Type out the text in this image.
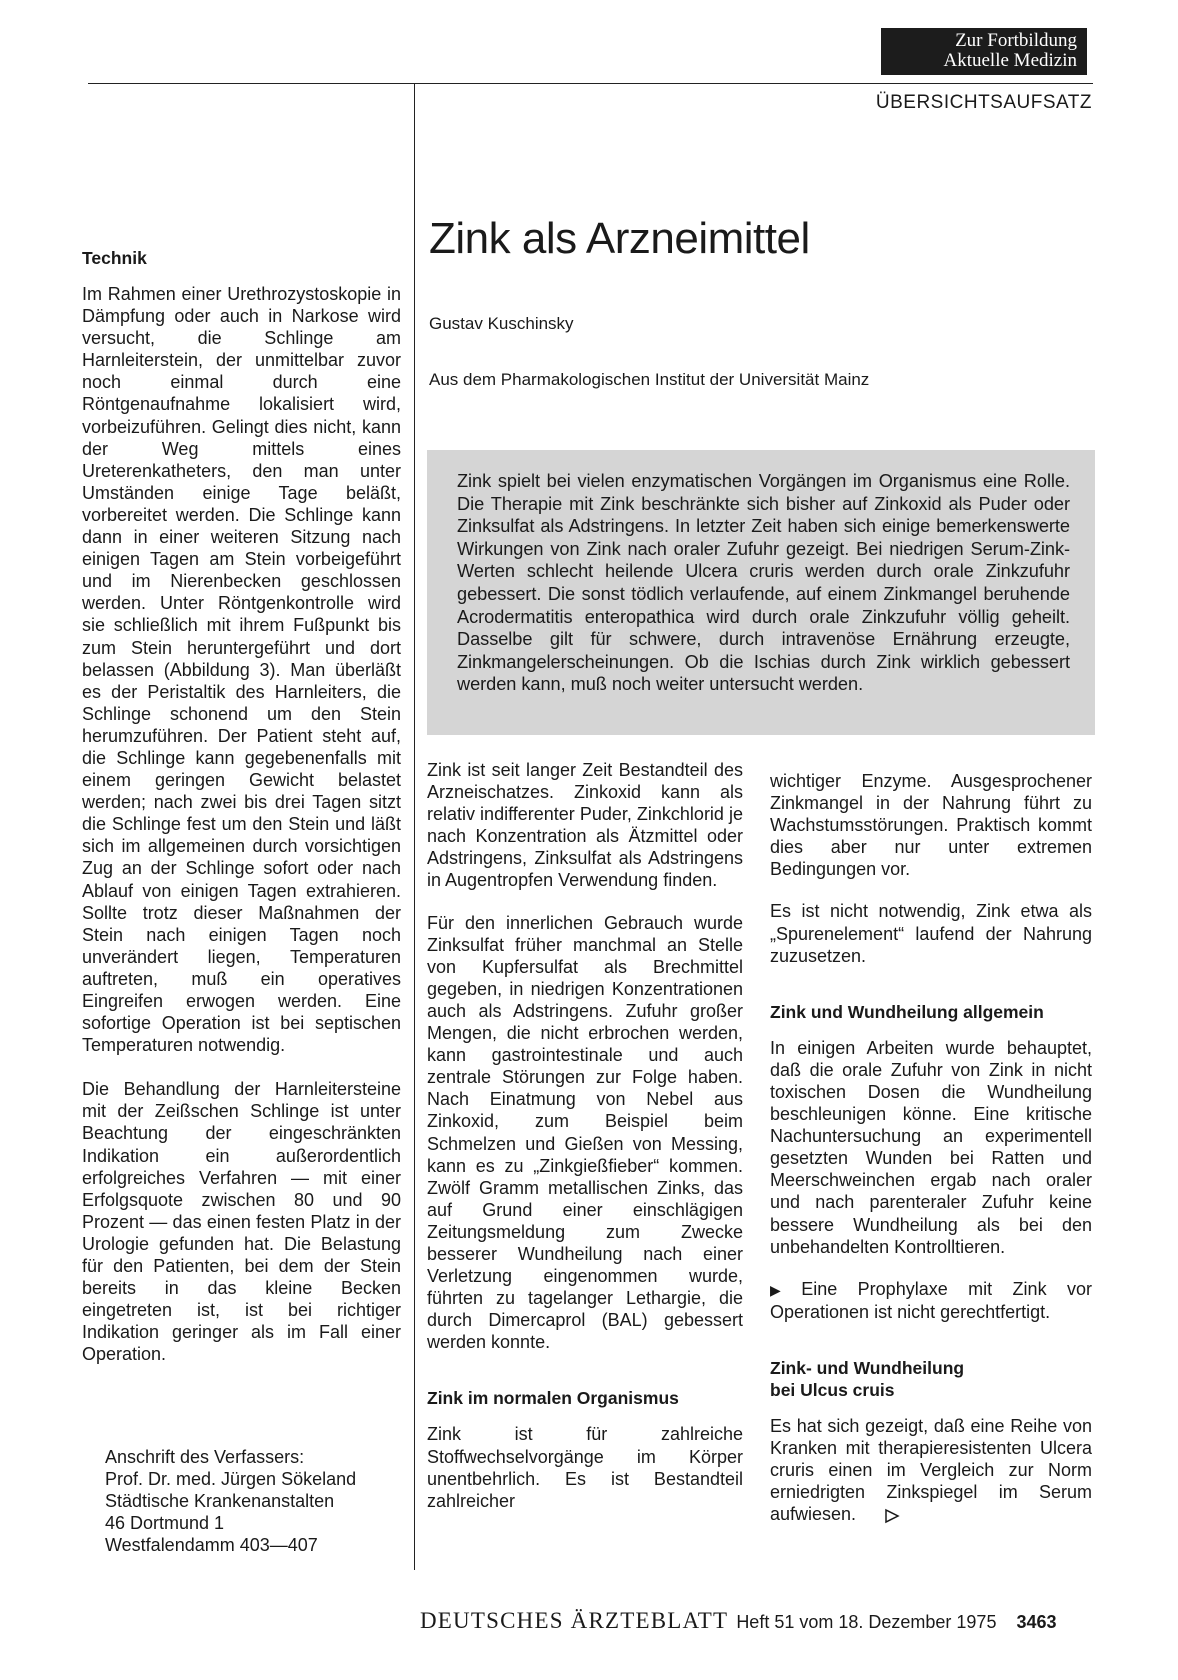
Zur Fortbildung
Aktuelle Medizin
ÜBERSICHTSAUFSATZ
Zink als Arzneimittel
Gustav Kuschinsky
Aus dem Pharmakologischen Institut der Universität Mainz
Zink spielt bei vielen enzymatischen Vorgängen im Organismus eine Rolle. Die Therapie mit Zink beschränkte sich bisher auf Zinkoxid als Puder oder Zinksulfat als Adstringens. In letzter Zeit haben sich einige bemerkenswerte Wirkungen von Zink nach oraler Zufuhr gezeigt. Bei niedrigen Serum-Zink-Werten schlecht heilende Ulcera cruris werden durch orale Zinkzufuhr gebessert. Die sonst tödlich verlaufende, auf einem Zinkmangel beruhende Acrodermatitis enteropathica wird durch orale Zinkzufuhr völlig geheilt. Dasselbe gilt für schwere, durch intravenöse Ernährung erzeugte, Zinkmangelerscheinungen. Ob die Ischias durch Zink wirklich gebessert werden kann, muß noch weiter untersucht werden.
Technik

Im Rahmen einer Urethrozystoskopie in Dämpfung oder auch in Narkose wird versucht, die Schlinge am Harnleiterstein, der unmittelbar zuvor noch einmal durch eine Röntgenaufnahme lokalisiert wird, vorbeizuführen. Gelingt dies nicht, kann der Weg mittels eines Ureterenkatheters, den man unter Umständen einige Tage beläßt, vorbereitet werden. Die Schlinge kann dann in einer weiteren Sitzung nach einigen Tagen am Stein vorbeigeführt und im Nierenbecken geschlossen werden. Unter Röntgenkontrolle wird sie schließlich mit ihrem Fußpunkt bis zum Stein heruntergeführt und dort belassen (Abbildung 3). Man überläßt es der Peristaltik des Harnleiters, die Schlinge schonend um den Stein herumzuführen. Der Patient steht auf, die Schlinge kann gegebenenfalls mit einem geringen Gewicht belastet werden; nach zwei bis drei Tagen sitzt die Schlinge fest um den Stein und läßt sich im allgemeinen durch vorsichtigen Zug an der Schlinge sofort oder nach Ablauf von einigen Tagen extrahieren. Sollte trotz dieser Maßnahmen der Stein nach einigen Tagen noch unverändert liegen, Temperaturen auftreten, muß ein operatives Eingreifen erwogen werden. Eine sofortige Operation ist bei septischen Temperaturen notwendig.

Die Behandlung der Harnleitersteine mit der Zeißschen Schlinge ist unter Beachtung der eingeschränkten Indikation ein außerordentlich erfolgreiches Verfahren — mit einer Erfolgsquote zwischen 80 und 90 Prozent — das einen festen Platz in der Urologie gefunden hat. Die Belastung für den Patienten, bei dem der Stein bereits in das kleine Becken eingetreten ist, ist bei richtiger Indikation geringer als im Fall einer Operation.

Anschrift des Verfassers:
Prof. Dr. med. Jürgen Sökeland
Städtische Krankenanstalten
46 Dortmund 1
Westfalendamm 403—407

Zink ist seit langer Zeit Bestandteil des Arzneischatzes. Zinkoxid kann als relativ indifferenter Puder, Zinkchlorid je nach Konzentration als Ätzmittel oder Adstringens, Zinksulfat als Adstringens in Augentropfen Verwendung finden.

Für den innerlichen Gebrauch wurde Zinksulfat früher manchmal an Stelle von Kupfersulfat als Brechmittel gegeben, in niedrigen Konzentrationen auch als Adstringens. Zufuhr großer Mengen, die nicht erbrochen werden, kann gastrointestinale und auch zentrale Störungen zur Folge haben. Nach Einatmung von Nebel aus Zinkoxid, zum Beispiel beim Schmelzen und Gießen von Messing, kann es zu „Zinkgießfieber“ kommen. Zwölf Gramm metallischen Zinks, das auf Grund einer einschlägigen Zeitungsmeldung zum Zwecke besserer Wundheilung nach einer Verletzung eingenommen wurde, führten zu tagelanger Lethargie, die durch Dimercaprol (BAL) gebessert werden konnte.

Zink im normalen Organismus

Zink ist für zahlreiche Stoffwechselvorgänge im Körper unentbehrlich. Es ist Bestandteil zahlreicher

wichtiger Enzyme. Ausgesprochener Zinkmangel in der Nahrung führt zu Wachstumsstörungen. Praktisch kommt dies aber nur unter extremen Bedingungen vor.

Es ist nicht notwendig, Zink etwa als „Spurenelement“ laufend der Nahrung zuzusetzen.

Zink und Wundheilung allgemein

In einigen Arbeiten wurde behauptet, daß die orale Zufuhr von Zink in nicht toxischen Dosen die Wundheilung beschleunigen könne. Eine kritische Nachuntersuchung an experimentell gesetzten Wunden bei Ratten und Meerschweinchen ergab nach oraler und nach parenteraler Zufuhr keine bessere Wundheilung als bei den unbehandelten Kontrolltieren.

▶ Eine Prophylaxe mit Zink vor Operationen ist nicht gerechtfertigt.

Zink- und Wundheilung
bei Ulcus cruis

Es hat sich gezeigt, daß eine Reihe von Kranken mit therapieresistenten Ulcera cruris einen im Vergleich zur Norm erniedrigten Zinkspiegel im Serum aufwiesen.

DEUTSCHES ÄRZTEBLATT Heft 51 vom 18. Dezember 1975 3463
